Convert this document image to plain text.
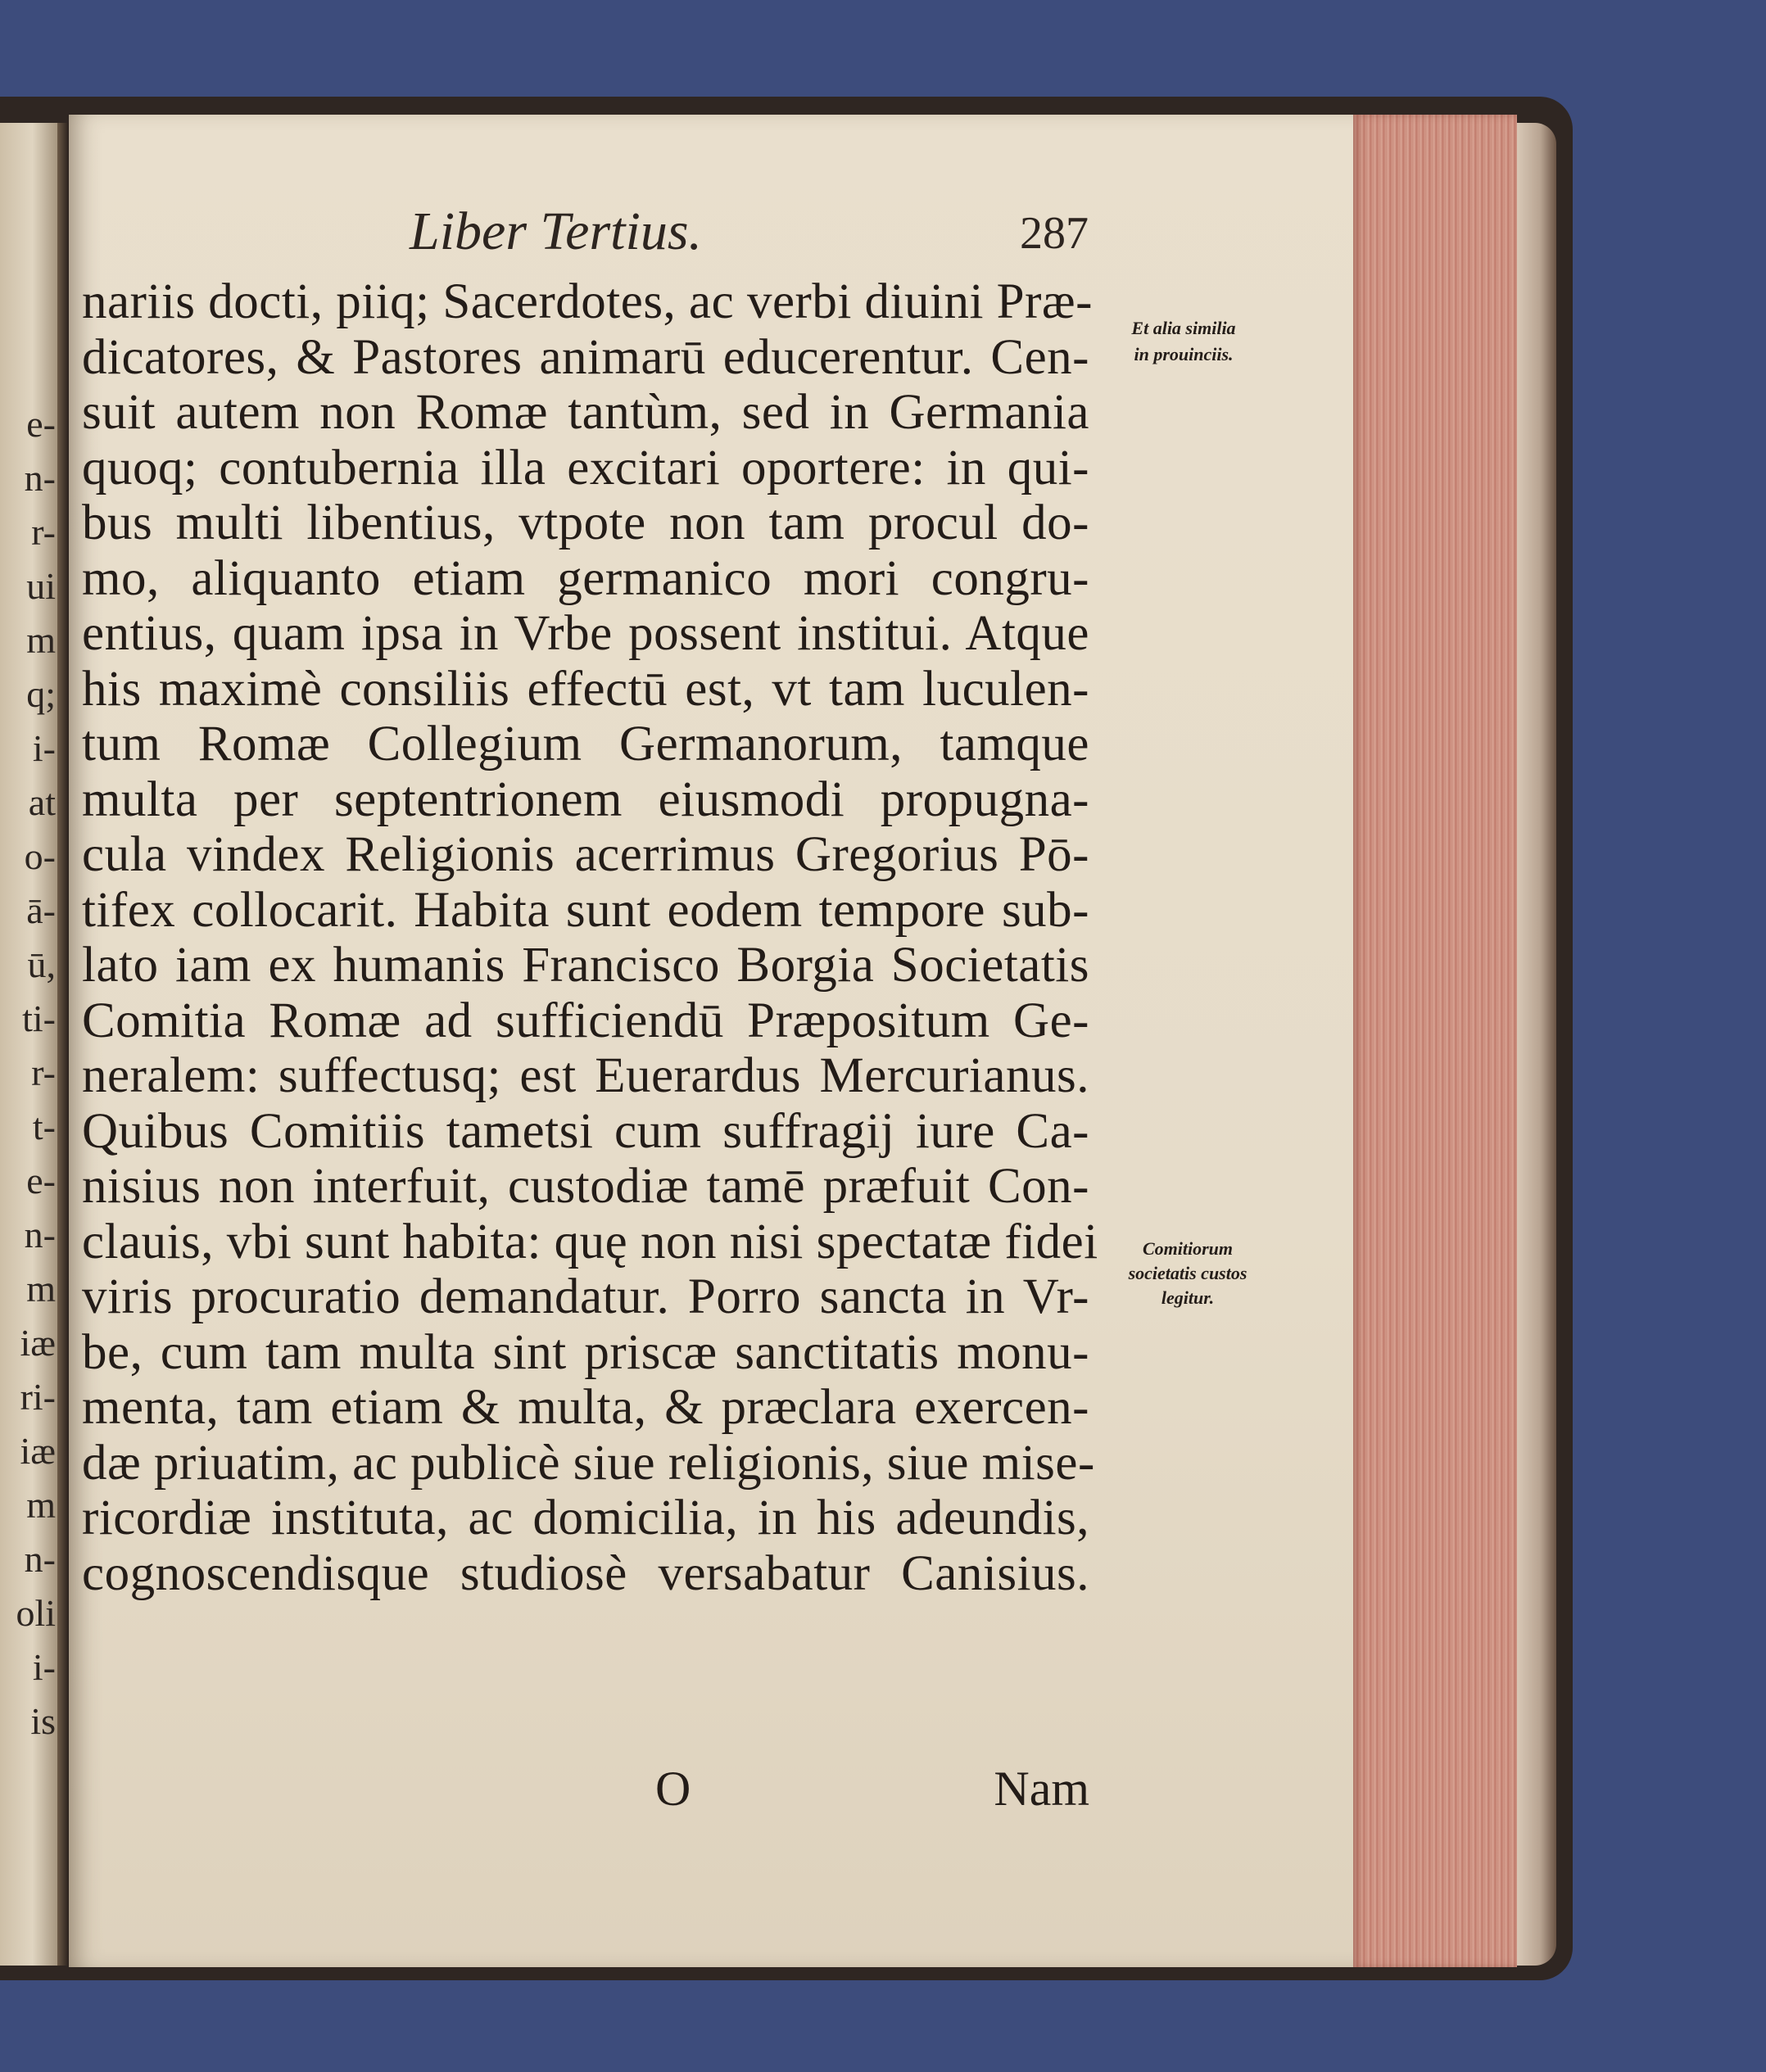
e-
n-
r-
ui
m
q;
i-
at
o-
ā-
ū,
ti-
r-
t-
e-
n-
m
iæ
ri-
iæ
m
n-
oli
i-
is
Liber Tertius.	287
nariis docti, piiq; Sacerdotes, ac verbi diuini Præ-
dicatores, & Pastores animarū educerentur. Cen-
suit autem non Romæ tantùm, sed in Germania
quoq; contubernia illa excitari oportere: in qui-
bus multi libentius, vtpote non tam procul do-
mo, aliquanto etiam germanico mori congru-
entius, quam ipsa in Vrbe possent institui. Atque
his maximè consiliis effectū est, vt tam luculen-
tum Romæ Collegium Germanorum, tamque
multa per septentrionem eiusmodi propugna-
cula vindex Religionis acerrimus Gregorius Pō-
tifex collocarit. Habita sunt eodem tempore sub-
lato iam ex humanis Francisco Borgia Societatis
Comitia Romæ ad sufficiendū Præpositum Ge-
neralem: suffectusq; est Euerardus Mercurianus.
Quibus Comitiis tametsi cum suffragij iure Ca-
nisius non interfuit, custodiæ tamē præfuit Con-
clauis, vbi sunt habita: quę non nisi spectatæ fidei
viris procuratio demandatur. Porro sancta in Vr-
be, cum tam multa sint priscæ sanctitatis monu-
menta, tam etiam & multa, & præclara exercen-
dæ priuatim, ac publicè siue religionis, siue mise-
ricordiæ instituta, ac domicilia, in his adeundis,
cognoscendisque studiosè versabatur Canisius.
Et alia similia
in prouinciis.
Comitiorum
societatis custos
legitur.
O	Nam
